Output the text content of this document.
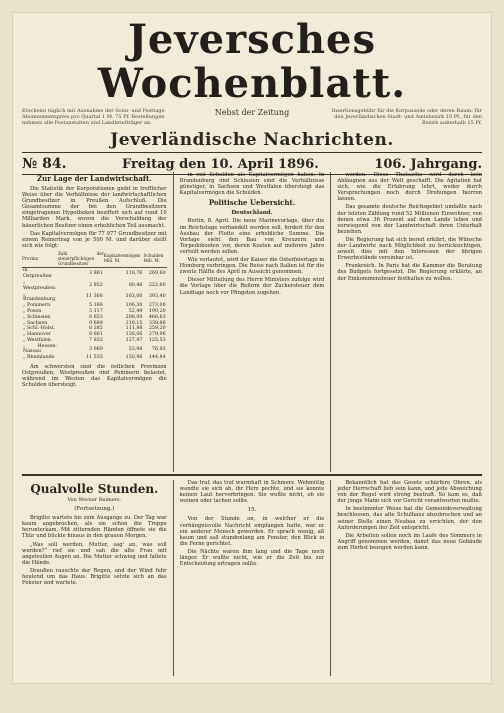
Jeversches Wochenblatt.
Erscheint täglich mit Ausnahme der Sonn- und Festtage. Abonnementspreis pro Quartal 1 M. 75 Pf. Bestellungen nehmen alle Postanstalten und Landbriefträger an.
Nebst der Zeitung	Insertionsgebühr für die Korpuszeile oder deren Raum: für den Jeverländischen Stadt- und Amtsbezirk 10 Pf., für den Bezirk außerhalb 15 Pf.
Jeverländische Nachrichten.
№ 84.	Freitag den 10. April 1896.	106. Jahrgang.
Zur Lage der Landwirtschaft.

Die Statistik der Korporationen giebt in trefflicher Weise über die Verhältnisse der landwirtschaftlichen Grundbesitzer in Preußen Aufschluß. Die Gesamtsumme der bei den Grundbesitzern eingetragenen Hypotheken beziffert sich auf rund 10 Milliarden Mark, wovon die Verschuldung der bäuerlichen Besitzer einen erheblichen Teil ausmacht.

Das Kapitalvermögen für 77 977 Grundbesitzer mit einem Reinertrag von je 500 M. und darüber stellt sich wie folgt:

Provinz	Zahl der steuerpflichtigen Grundbesitzer	Kapitalvermögen Mill. M.	Schulden Mill. M.
in Ostpreußen	3 861	118,76	269,60
„ Westpreußen	2 852	80,46	222,60
„ Brandenburg	11 368	163,00	393,40
„ Pommern	5 168	106,30	273,00
„ Posen	3 117	52,49	190,20
„ Schlesien	9 653	208,00	466,63
„ Sachsen	9 689	210,15	338,86
„ Schl.-Holst.	8 385	111,88	259,20
„ Hannover	8 661	138,06	279,96
„ Westfalen	7 832	127,97	125,53
„ Hessen-Nassau	3 069	53,98	76,93
„ Rheinlande	11 535	150,96	144,84

Am schwersten sind die östlichen Provinzen Ostpreußen, Westpreußen und Pommern belastet, während im Westen das Kapitalvermögen die Schulden übersteigt.

in viel Schulden als Kapitalvermögen haben. In Brandenburg und Schlesien sind die Verhältnisse günstiger, in Sachsen und Westfalen übersteigt das Kapitalvermögen die Schulden.

Politische Uebersicht.
Deutschland.

Berlin, 8. April. Die neue Marinevorlage, über die im Reichstage verhandelt werden soll, fordert für den Ausbau der Flotte eine erhebliche Summe. Die Vorlage sieht den Bau von Kreuzern und Torpedobooten vor, deren Kosten auf mehrere Jahre verteilt werden sollen.

Wie verlautet, wird der Kaiser die Osterfeiertage in Homburg verbringen. Die Reise nach Italien ist für die zweite Hälfte des April in Aussicht genommen.

Dieser Mitteilung des Herrn Ministers zufolge wird die Vorlage über die Reform der Zuckersteuer dem Landtage noch vor Pfingsten zugehen.

werden. Diese Thatsache wird durch kein Abläugnen aus der Welt geschafft. Die Agitation hat sich, wie die Erfahrung lehrt, weder durch Versprechungen noch durch Drohungen beirren lassen.

Das gesamte deutsche Reichsgebiet umfaßte nach der letzten Zählung rund 52 Millionen Einwohner, von denen etwa 36 Prozent auf dem Lande leben und vorwiegend von der Landwirtschaft ihren Unterhalt beziehen.

Die Regierung hat sich bereit erklärt, die Wünsche der Landwirte nach Möglichkeit zu berücksichtigen, soweit dies mit den Interessen der übrigen Erwerbsstände vereinbar ist.

Frankreich. In Paris hat die Kammer die Beratung des Budgets fortgesetzt. Die Regierung erklärte, an der Einkommensteuer festhalten zu wollen.

Qualvolle Stunden.
Von Werner Reimers.
(Fortsetzung.)

Brigitte wartete bis zum Ausgange zu. Der Tag war kaum angebrochen, als sie schon die Treppe herunterkam. Mit zitternden Händen öffnete sie die Thür und blickte hinaus in den grauen Morgen.

„Was soll werden, Mutter, sag' an, was soll werden?“ rief sie und sah die alte Frau mit angstvollen Augen an. Die Mutter schwieg und faltete die Hände.

Draußen rauschte der Regen, und der Wind fuhr heulend um das Haus. Brigitte setzte sich an das Fenster und wartete.

Das traf, das traf wurmhaft in Schmerz. Wehmütig wandte sie sich ab, ihr Herz pochte, und sie konnte keinen Laut hervorbringen. Sie wußte nicht, ob sie weinen oder lachen sollte.

15.

Von der Stunde an, in welcher er die verhängnisvolle Nachricht empfangen hatte, war er ein anderer Mensch geworden. Er sprach wenig, aß kaum und saß stundenlang am Fenster, den Blick in die Ferne gerichtet.

Die Nächte waren ihm lang und die Tage noch länger. Er wußte nicht, wie er die Zeit bis zur Entscheidung ertragen sollte.

Bekanntlich hat das Gesetz schärfere Ohren, als jeder Herrschaft lieb sein kann, und jede Abweichung von der Regel wird streng bestraft. So kam es, daß der junge Mann sich vor Gericht verantworten mußte.

In bestimmter Weise hat die Gemeindeverwaltung beschlossen, das alte Schulhaus abzubrechen und an seiner Stelle einen Neubau zu errichten, der den Anforderungen der Zeit entspricht.

Die Arbeiten sollen noch im Laufe des Sommers in Angriff genommen werden, damit das neue Gebäude zum Herbst bezogen werden kann.
